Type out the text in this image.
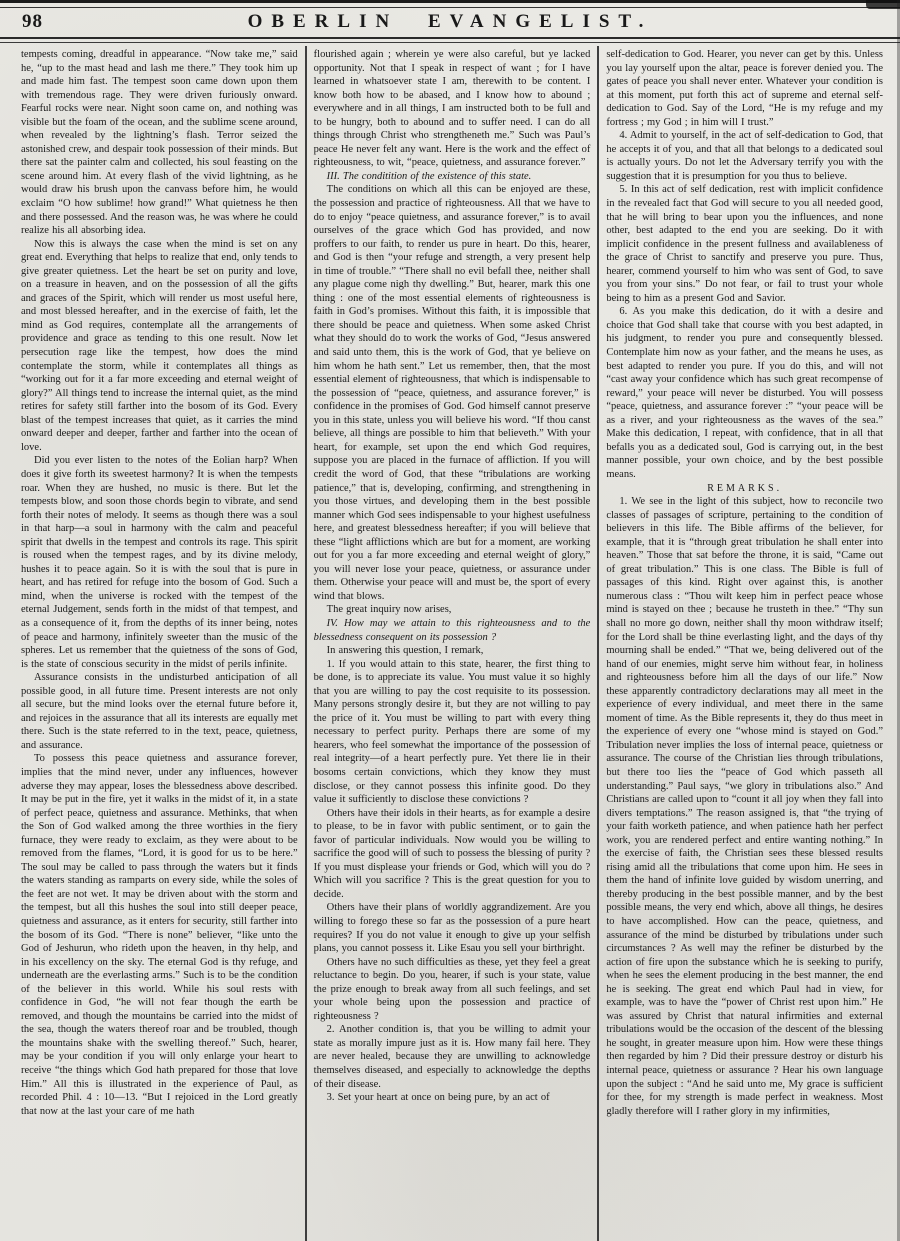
98	OBERLIN EVANGELIST.

tempests coming, dreadful in appearance. “Now take me,” said he, “up to the mast head and lash me there.” They took him up and made him fast. The tempest soon came down upon them with tremendous rage. They were driven furiously onward. Fearful rocks were near. Night soon came on, and nothing was visible but the foam of the ocean, and the sublime scene around, when revealed by the lightning’s flash. Terror seized the astonished crew, and despair took possession of their minds. But there sat the painter calm and collected, his soul feasting on the scene around him. At every flash of the vivid lightning, as he would draw his brush upon the canvass before him, he would exclaim “O how sublime! how grand!” What quietness he then and there possessed. And the reason was, he was where he could realize his all absorbing idea.

Now this is always the case when the mind is set on any great end. Everything that helps to realize that end, only tends to give greater quietness. Let the heart be set on purity and love, on a treasure in heaven, and on the possession of all the gifts and graces of the Spirit, which will render us most useful here, and most blessed hereafter, and in the exercise of faith, let the mind as God requires, contemplate all the arrangements of providence and grace as tending to this one result. Now let persecution rage like the tempest, how does the mind contemplate the storm, while it contemplates all things as “working out for it a far more exceeding and eternal weight of glory?” All things tend to increase the internal quiet, as the mind retires for safety still farther into the bosom of its God. Every blast of the tempest increases that quiet, as it carries the mind onward deeper and deeper, farther and farther into the ocean of love.

Did you ever listen to the notes of the Eolian harp? When does it give forth its sweetest harmony? It is when the tempests roar. When they are hushed, no music is there. But let the tempests blow, and soon those chords begin to vibrate, and send forth their notes of melody. It seems as though there was a soul in that harp—a soul in harmony with the calm and peaceful spirit that dwells in the tempest and controls its rage. This spirit is roused when the tempest rages, and by its divine melody, hushes it to peace again. So it is with the soul that is pure in heart, and has retired for refuge into the bosom of God. Such a mind, when the universe is rocked with the tempest of the eternal Judgement, sends forth in the midst of that tempest, and as a consequence of it, from the depths of its inner being, notes of peace and harmony, infinitely sweeter than the music of the spheres. Let us remember that the quietness of the sons of God, is the state of conscious security in the midst of perils infinite.

Assurance consists in the undisturbed anticipation of all possible good, in all future time. Present interests are not only all secure, but the mind looks over the eternal future before it, and rejoices in the assurance that all its interests are equally met there. Such is the state referred to in the text, peace, quietness, and assurance.

To possess this peace quietness and assurance forever, implies that the mind never, under any influences, however adverse they may appear, loses the blessedness above described. It may be put in the fire, yet it walks in the midst of it, in a state of perfect peace, quietness and assurance. Methinks, that when the Son of God walked among the three worthies in the fiery furnace, they were ready to exclaim, as they were about to be removed from the flames, “Lord, it is good for us to be here.” The soul may be called to pass through the waters but it finds the waters standing as ramparts on every side, while the soles of the feet are not wet. It may be driven about with the storm and the tempest, but all this hushes the soul into still deeper peace, quietness and assurance, as it enters for security, still farther into the bosom of its God. “There is none” believer, “like unto the God of Jeshurun, who rideth upon the heaven, in thy help, and in his excellency on the sky. The eternal God is thy refuge, and underneath are the everlasting arms.” Such is to be the condition of the believer in this world. While his soul rests with confidence in God, “he will not fear though the earth be removed, and though the mountains be carried into the midst of the sea, though the waters thereof roar and be troubled, though the mountains shake with the swelling thereof.” Such, hearer, may be your condition if you will only enlarge your heart to receive “the things which God hath prepared for those that love Him.” All this is illustrated in the experience of Paul, as recorded Phil. 4 : 10—13. “But I rejoiced in the Lord greatly that now at the last your care of me hath

flourished again ; wherein ye were also careful, but ye lacked opportunity. Not that I speak in respect of want ; for I have learned in whatsoever state I am, therewith to be content. I know both how to be abased, and I know how to abound ; everywhere and in all things, I am instructed both to be full and to be hungry, both to abound and to suffer need. I can do all things through Christ who strengtheneth me.” Such was Paul’s peace He never felt any want. Here is the work and the effect of righteousness, to wit, “peace, quietness, and assurance forever.”

III. The conditition of the existence of this state.

The conditions on which all this can be enjoyed are these, the possession and practice of righteousness. All that we have to do to enjoy “peace quietness, and assurance forever,” is to avail ourselves of the grace which God has provided, and now proffers to our faith, to render us pure in heart. Do this, hearer, and God is then “your refuge and strength, a very present help in time of trouble.” “There shall no evil befall thee, neither shall any plague come nigh thy dwelling.” But, hearer, mark this one thing : one of the most essential elements of righteousness is faith in God’s promises. Without this faith, it is impossible that there should be peace and quietness. When some asked Christ what they should do to work the works of God, “Jesus answered and said unto them, this is the work of God, that ye believe on him whom he hath sent.” Let us remember, then, that the most essential element of righteousness, that which is indispensable to the possession of “peace, quietness, and assurance forever,” is confidence in the promises of God. God himself cannot preserve you in this state, unless you will believe his word. “If thou canst believe, all things are possible to him that believeth.” With your heart, for example, set upon the end which God requires, suppose you are placed in the furnace of affliction. If you will credit the word of God, that these “tribulations are working patience,” that is, developing, confirming, and strengthening in you those virtues, and developing them in the best possible manner which God sees indispensable to your highest usefulness here, and greatest blessedness hereafter; if you will believe that these “light afflictions which are but for a moment, are working out for you a far more exceeding and eternal weight of glory,” you will never lose your peace, quietness, or assurance under them. Otherwise your peace will and must be, the sport of every wind that blows.

The great inquiry now arises,

IV. How may we attain to this righteousness and to the blessedness consequent on its possession ?

In answering this question, I remark,

1. If you would attain to this state, hearer, the first thing to be done, is to appreciate its value. You must value it so highly that you are willing to pay the cost requisite to its possession. Many persons strongly desire it, but they are not willing to pay the price of it. You must be willing to part with every thing necessary to perfect purity. Perhaps there are some of my hearers, who feel somewhat the importance of the possession of real integrity—of a heart perfectly pure. Yet there lie in their bosoms certain convictions, which they know they must disclose, or they cannot possess this infinite good. Do they value it sufficiently to disclose these convictions ?

Others have their idols in their hearts, as for example a desire to please, to be in favor with public sentiment, or to gain the favor of particular individuals. Now would you be willing to sacrifice the good will of such to possess the blessing of purity ? If you must displease your friends or God, which will you do ? Which will you sacrifice ? This is the great question for you to decide.

Others have their plans of worldly aggrandizement. Are you willing to forego these so far as the possession of a pure heart requires? If you do not value it enough to give up your selfish plans, you cannot possess it. Like Esau you sell your birthright.

Others have no such difficulties as these, yet they feel a great reluctance to begin. Do you, hearer, if such is your state, value the prize enough to break away from all such feelings, and set your whole being upon the possession and practice of righteousness ?

2. Another condition is, that you be willing to admit your state as morally impure just as it is. How many fail here. They are never healed, because they are unwilling to acknowledge themselves diseased, and especially to acknowledge the depths of their disease.

3. Set your heart at once on being pure, by an act of

self-dedication to God. Hearer, you never can get by this. Unless you lay yourself upon the altar, peace is forever denied you. The gates of peace you shall never enter. Whatever your condition is at this moment, put forth this act of supreme and eternal self-dedication to God. Say of the Lord, “He is my refuge and my fortress ; my God ; in him will I trust.”

4. Admit to yourself, in the act of self-dedication to God, that he accepts it of you, and that all that belongs to a dedicated soul is actually yours. Do not let the Adversary terrify you with the suggestion that it is presumption for you thus to believe.

5. In this act of self dedication, rest with implicit confidence in the revealed fact that God will secure to you all needed good, that he will bring to bear upon you the influences, and none other, best adapted to the end you are seeking. Do it with implicit confidence in the present fullness and availableness of the grace of Christ to sanctify and preserve you pure. Thus, hearer, commend yourself to him who was sent of God, to save you from your sins.” Do not fear, or fail to trust your whole being to him as a present God and Savior.

6. As you make this dedication, do it with a desire and choice that God shall take that course with you best adapted, in his judgment, to render you pure and consequently blessed. Contemplate him now as your father, and the means he uses, as best adapted to render you pure. If you do this, and will not “cast away your confidence which has such great recompense of reward,” your peace will never be disturbed. You will possess “peace, quietness, and assurance forever :” “your peace will be as a river, and your righteousness as the waves of the sea.” Make this dedication, I repeat, with confidence, that in all that befalls you as a dedicated soul, God is carrying out, in the best manner possible, your own choice, and by the best possible means.

REMARKS.

1. We see in the light of this subject, how to reconcile two classes of passages of scripture, pertaining to the condition of believers in this life. The Bible affirms of the believer, for example, that it is “through great tribulation he shall enter into heaven.” Those that sat before the throne, it is said, “Came out of great tribulation.” This is one class. The Bible is full of passages of this kind. Right over against this, is another numerous class : “Thou wilt keep him in perfect peace whose mind is stayed on thee ; because he trusteth in thee.” “Thy sun shall no more go down, neither shall thy moon withdraw itself; for the Lord shall be thine everlasting light, and the days of thy mourning shall be ended.” “That we, being delivered out of the hand of our enemies, might serve him without fear, in holiness and righteousness before him all the days of our life.” Now these apparently contradictory declarations may all meet in the experience of every individual, and meet there in the same moment of time. As the Bible represents it, they do thus meet in the experience of every one “whose mind is stayed on God.” Tribulation never implies the loss of internal peace, quietness or assurance. The course of the Christian lies through tribulations, but there too lies the “peace of God which passeth all understanding.” Paul says, “we glory in tribulations also.” And Christians are called upon to “count it all joy when they fall into divers temptations.” The reason assigned is, that “the trying of your faith worketh patience, and when patience hath her perfect work, you are rendered perfect and entire wanting nothing.” In the exercise of faith, the Christian sees these blessed results rising amid all the tribulations that come upon him. He sees in them the hand of infinite love guided by wisdom unerring, and thereby producing in the best possible manner, and by the best possible means, the very end which, above all things, he desires to have accomplished. How can the peace, quietness, and assurance of the mind be disturbed by tribulations under such circumstances ? As well may the refiner be disturbed by the action of fire upon the substance which he is seeking to purify, when he sees the element producing in the best manner, the end he is seeking. The great end which Paul had in view, for example, was to have the “power of Christ rest upon him.” He was assured by Christ that natural infirmities and external tribulations would be the occasion of the descent of the blessing he sought, in greater measure upon him. How were these things then regarded by him ? Did their pressure destroy or disturb his internal peace, quietness or assurance ? Hear his own language upon the subject : “And he said unto me, My grace is sufficient for thee, for my strength is made perfect in weakness. Most gladly therefore will I rather glory in my infirmities,
